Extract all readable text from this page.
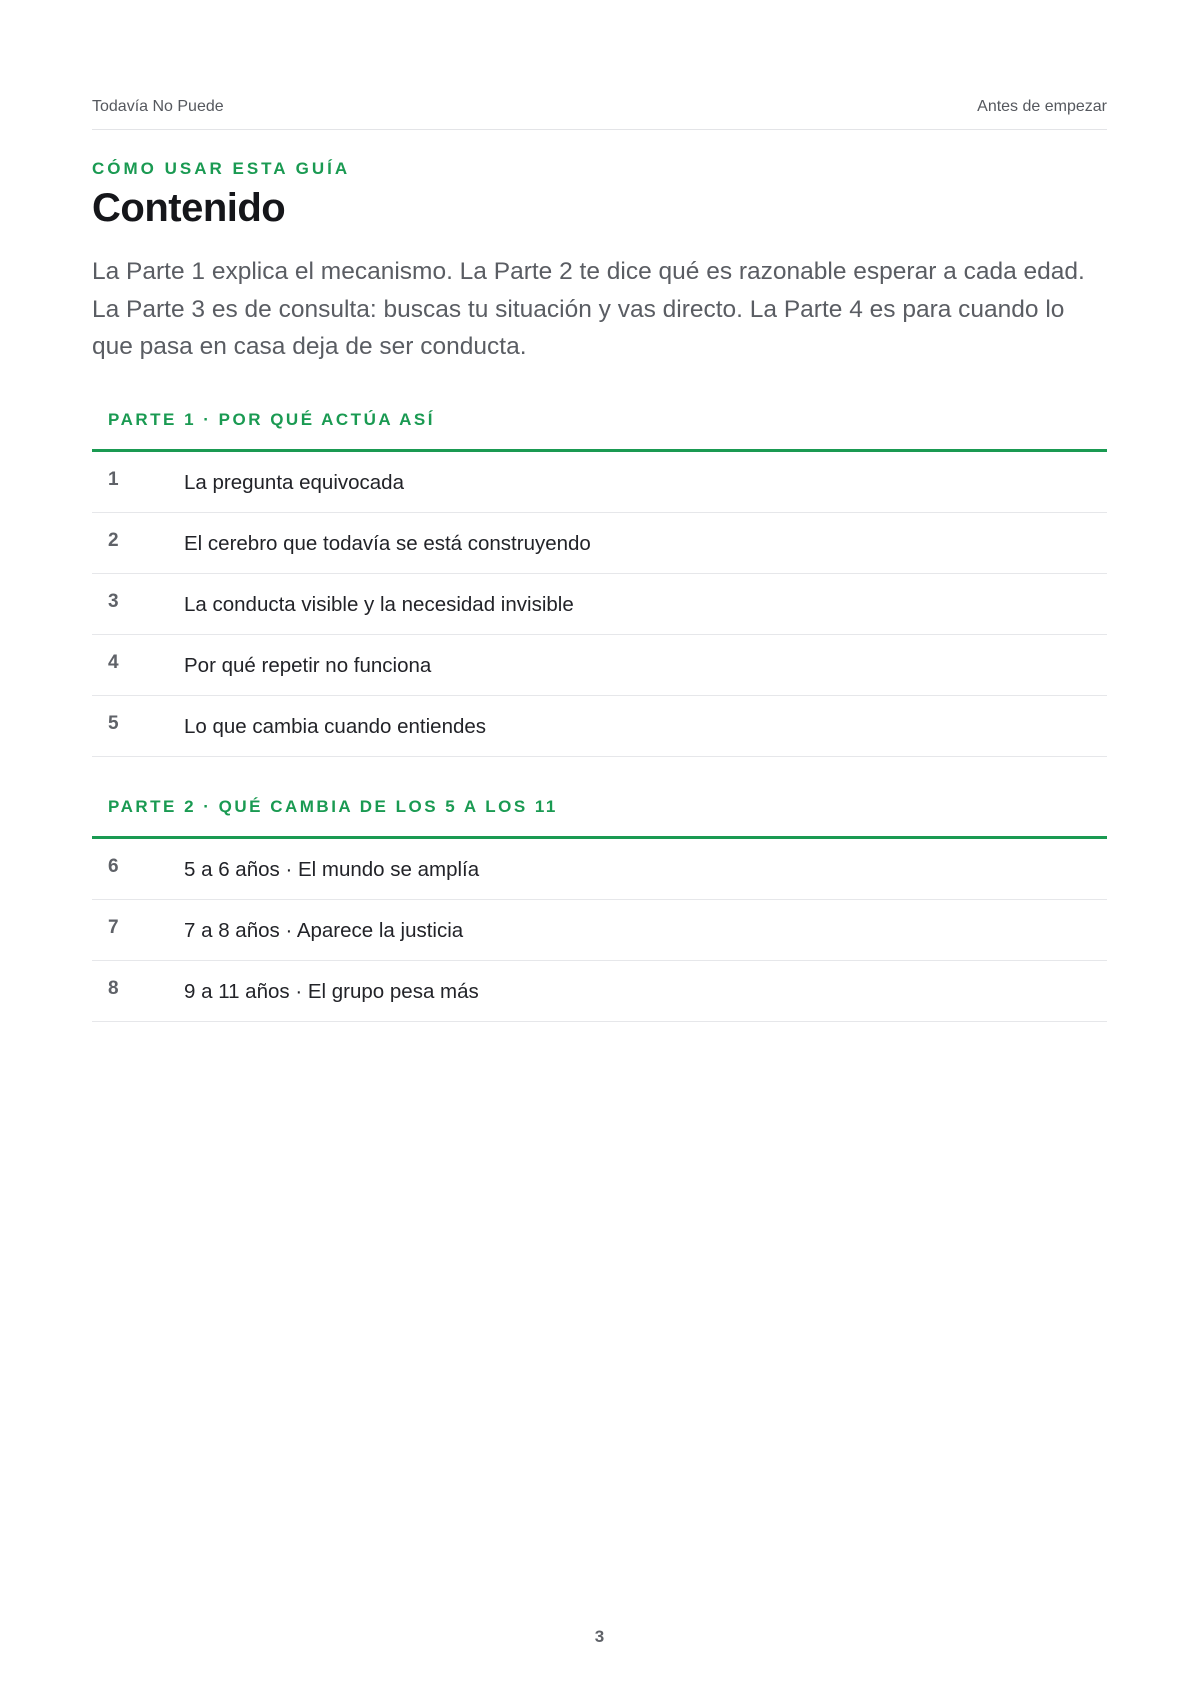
Todavía No Puede	Antes de empezar
CÓMO USAR ESTA GUÍA
Contenido

La Parte 1 explica el mecanismo. La Parte 2 te dice qué es razonable esperar a cada edad. La Parte 3 es de consulta: buscas tu situación y vas directo. La Parte 4 es para cuando lo que pasa en casa deja de ser conducta.

PARTE 1 · POR QUÉ ACTÚA ASÍ
1	La pregunta equivocada
2	El cerebro que todavía se está construyendo
3	La conducta visible y la necesidad invisible
4	Por qué repetir no funciona
5	Lo que cambia cuando entiendes
PARTE 2 · QUÉ CAMBIA DE LOS 5 A LOS 11
6	5 a 6 años · El mundo se amplía
7	7 a 8 años · Aparece la justicia
8	9 a 11 años · El grupo pesa más
3
